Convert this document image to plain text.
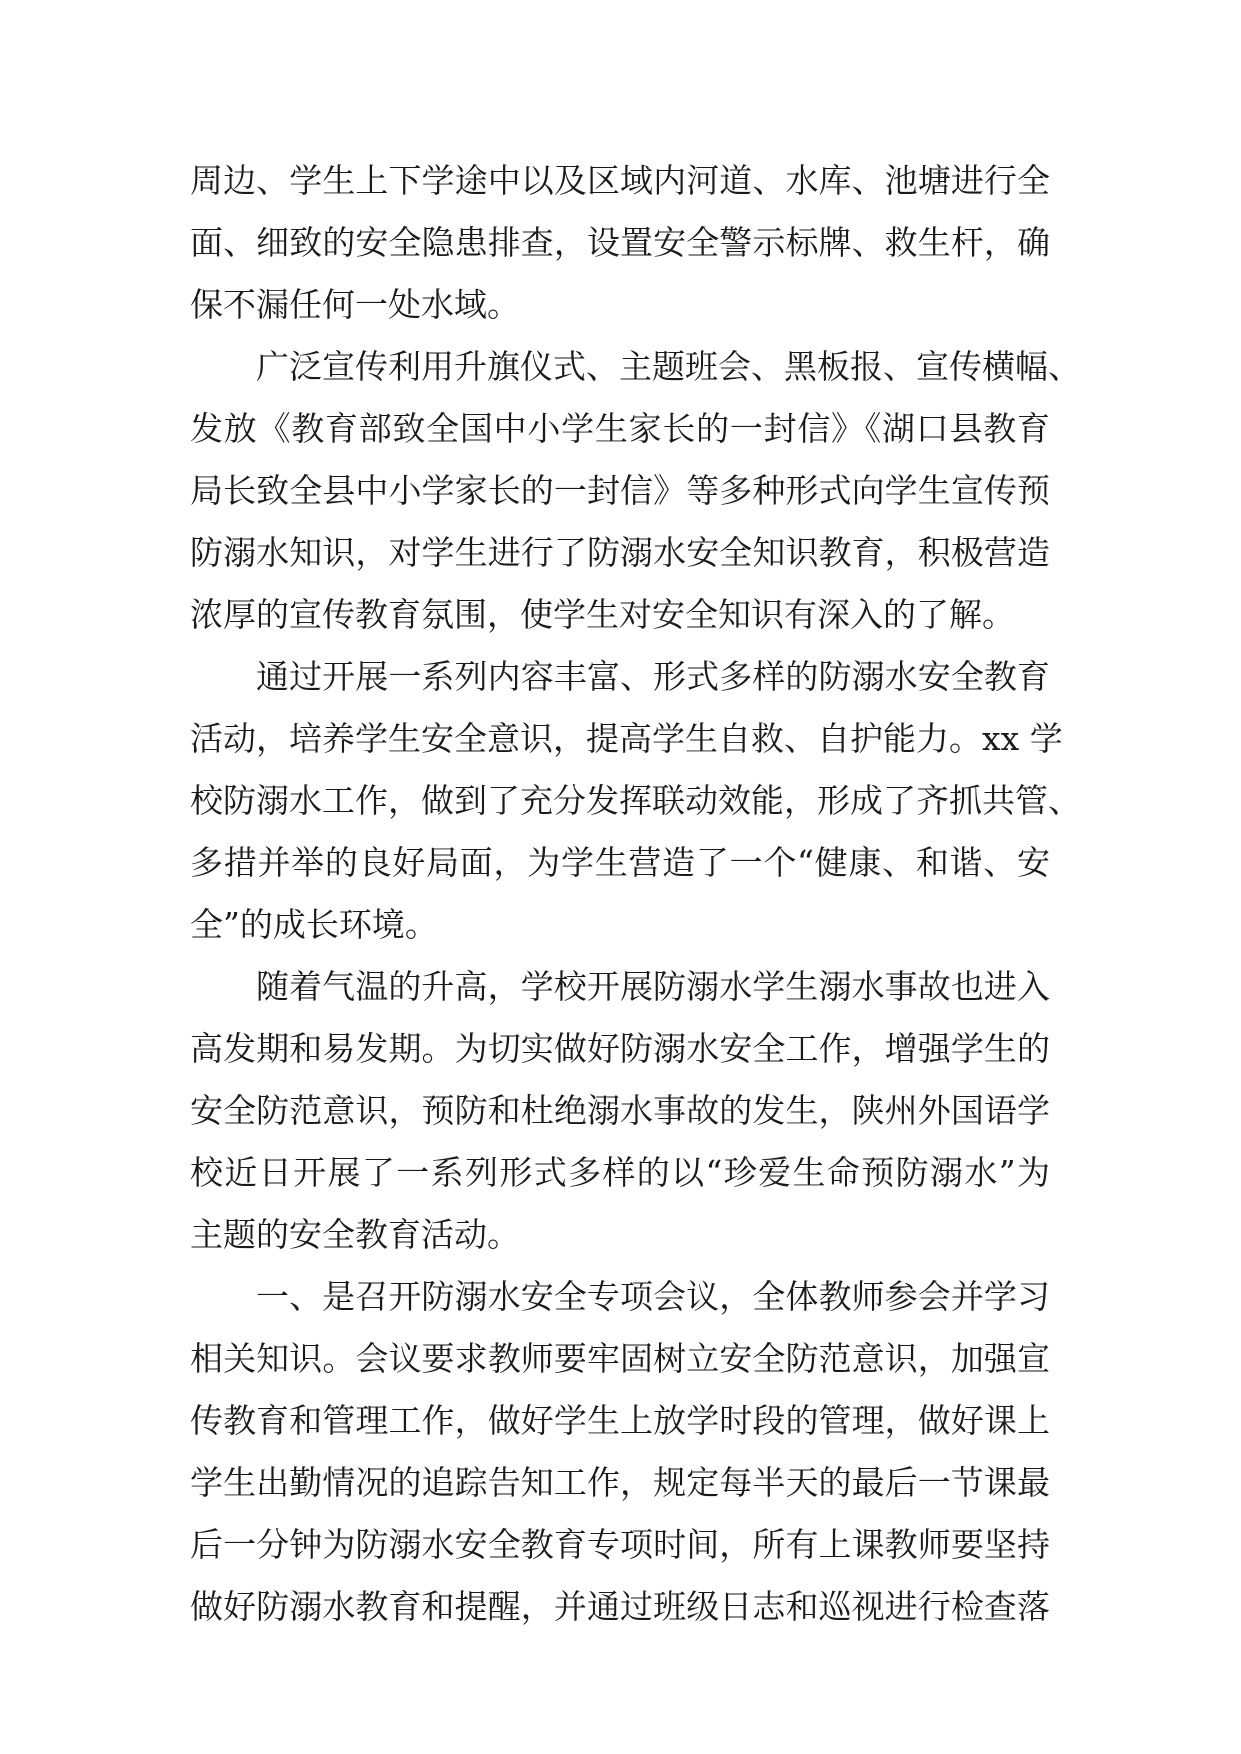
周边、学生上下学途中以及区域内河道、水库、池塘进行全
面、细致的安全隐患排查，设置安全警示标牌、救生杆，确
保不漏任何一处水域。
广泛宣传利用升旗仪式、主题班会、黑板报、宣传横幅、
发放《教育部致全国中小学生家长的一封信》《湖口县教育
局长致全县中小学家长的一封信》等多种形式向学生宣传预
防溺水知识，对学生进行了防溺水安全知识教育，积极营造
浓厚的宣传教育氛围，使学生对安全知识有深入的了解。
通过开展一系列内容丰富、形式多样的防溺水安全教育
活动，培养学生安全意识，提高学生自救、自护能力。xx 学
校防溺水工作，做到了充分发挥联动效能，形成了齐抓共管、
多措并举的良好局面，为学生营造了一个“健康、和谐、安
全”的成长环境。
随着气温的升高，学校开展防溺水学生溺水事故也进入
高发期和易发期。为切实做好防溺水安全工作，增强学生的
安全防范意识，预防和杜绝溺水事故的发生，陕州外国语学
校近日开展了一系列形式多样的以“珍爱生命预防溺水”为
主题的安全教育活动。
一、是召开防溺水安全专项会议，全体教师参会并学习
相关知识。会议要求教师要牢固树立安全防范意识，加强宣
传教育和管理工作，做好学生上放学时段的管理，做好课上
学生出勤情况的追踪告知工作，规定每半天的最后一节课最
后一分钟为防溺水安全教育专项时间，所有上课教师要坚持
做好防溺水教育和提醒，并通过班级日志和巡视进行检查落
